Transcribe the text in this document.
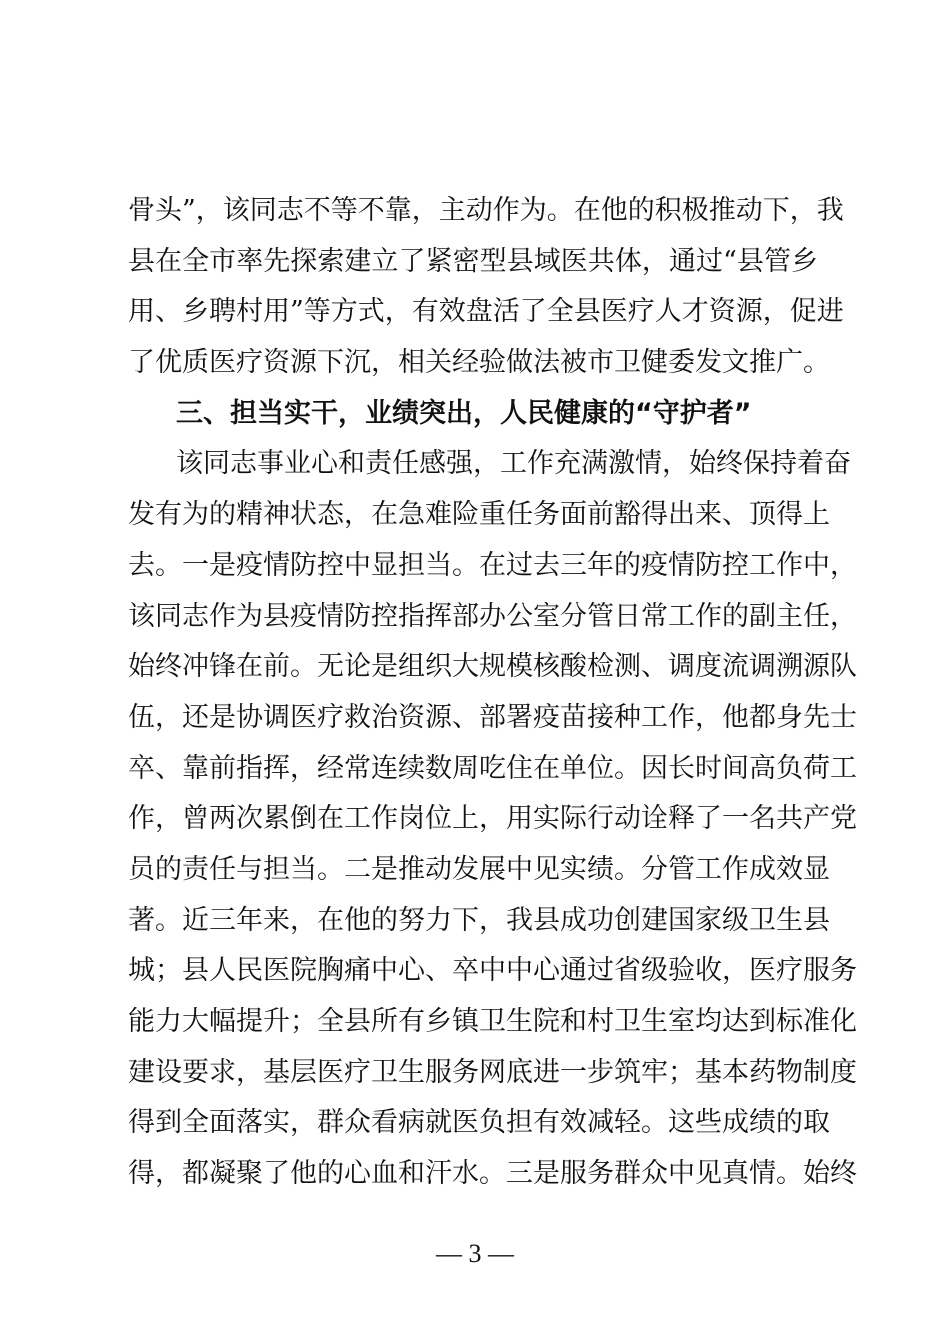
骨头”，该同志不等不靠，主动作为。在他的积极推动下，我
县在全市率先探索建立了紧密型县域医共体，通过“县管乡
用、乡聘村用”等方式，有效盘活了全县医疗人才资源，促进
了优质医疗资源下沉，相关经验做法被市卫健委发文推广。
三、担当实干，业绩突出，人民健康的“守护者”
该同志事业心和责任感强，工作充满激情，始终保持着奋
发有为的精神状态，在急难险重任务面前豁得出来、顶得上
去。一是疫情防控中显担当。在过去三年的疫情防控工作中，
该同志作为县疫情防控指挥部办公室分管日常工作的副主任，
始终冲锋在前。无论是组织大规模核酸检测、调度流调溯源队
伍，还是协调医疗救治资源、部署疫苗接种工作，他都身先士
卒、靠前指挥，经常连续数周吃住在单位。因长时间高负荷工
作，曾两次累倒在工作岗位上，用实际行动诠释了一名共产党
员的责任与担当。二是推动发展中见实绩。分管工作成效显
著。近三年来，在他的努力下，我县成功创建国家级卫生县
城；县人民医院胸痛中心、卒中中心通过省级验收，医疗服务
能力大幅提升；全县所有乡镇卫生院和村卫生室均达到标准化
建设要求，基层医疗卫生服务网底进一步筑牢；基本药物制度
得到全面落实，群众看病就医负担有效减轻。这些成绩的取
得，都凝聚了他的心血和汗水。三是服务群众中见真情。始终
— 3 —
